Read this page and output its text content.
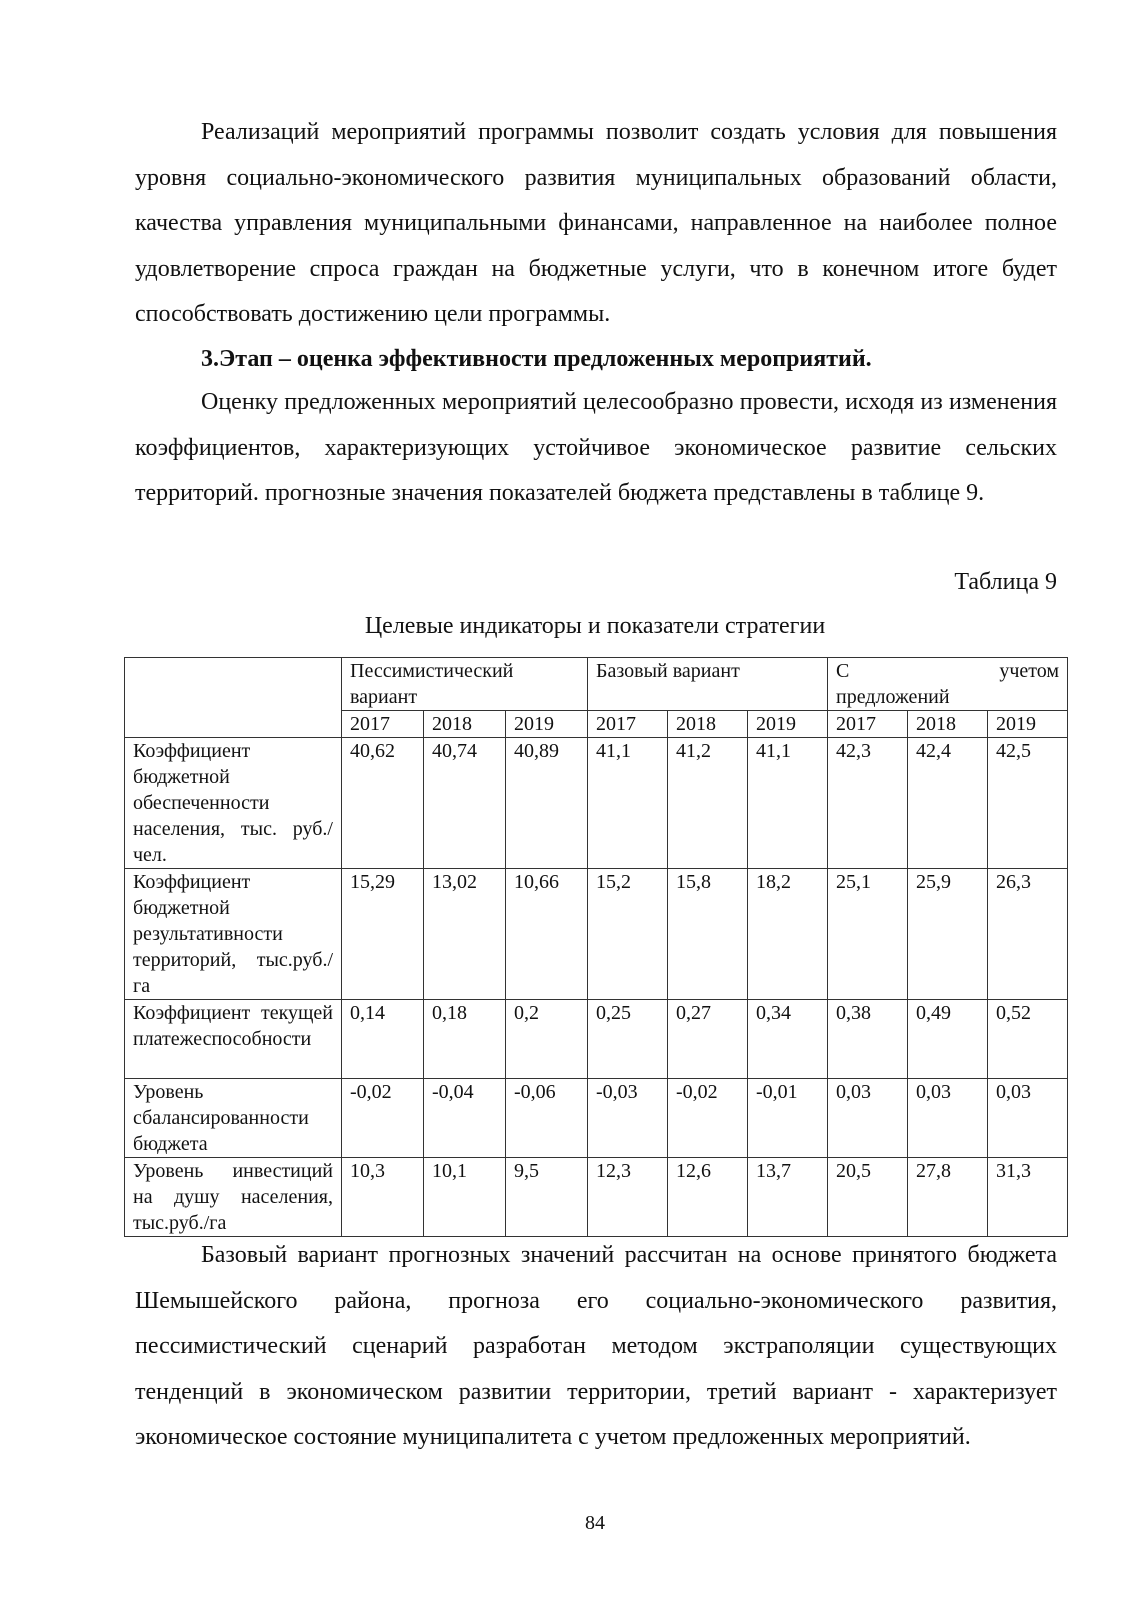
Реализаций мероприятий программы позволит создать условия для повышения уровня социально-экономического развития муниципальных образований области, качества управления муниципальными финансами, направленное на наиболее полное удовлетворение спроса граждан на бюджетные услуги, что в конечном итоге будет способствовать достижению цели программы.

3.Этап – оценка эффективности предложенных мероприятий.

Оценку предложенных мероприятий целесообразно провести, исходя из изменения коэффициентов, характеризующих устойчивое экономическое развитие сельских территорий. прогнозные значения показателей бюджета представлены в таблице 9.

Таблица 9

Целевые индикаторы и показатели стратегии

	Пессимистический вариант			Базовый вариант			С учетом
предложений		

	2017	2018	2019	2017	2018	2019	2017	2018	2019
Коэффициент бюджетной обеспеченности населения, тыс. руб./чел.	40,62	40,74	40,89	41,1	41,2	41,1	42,3	42,4	42,5
Коэффициент бюджетной результативности территорий, тыс.руб./га	15,29	13,02	10,66	15,2	15,8	18,2	25,1	25,9	26,3
Коэффициент текущей платежеспособности	0,14	0,18	0,2	0,25	0,27	0,34	0,38	0,49	0,52
Уровень сбалансированности бюджета	-0,02	-0,04	-0,06	-0,03	-0,02	-0,01	0,03	0,03	0,03
Уровень инвестиций на душу населения, тыс.руб./га	10,3	10,1	9,5	12,3	12,6	13,7	20,5	27,8	31,3

Базовый вариант прогнозных значений рассчитан на основе принятого бюджета Шемышейского района, прогноза его социально-экономического развития, пессимистический сценарий разработан методом экстраполяции существующих тенденций в экономическом развитии территории, третий вариант - характеризует экономическое состояние муниципалитета с учетом предложенных мероприятий.

84
